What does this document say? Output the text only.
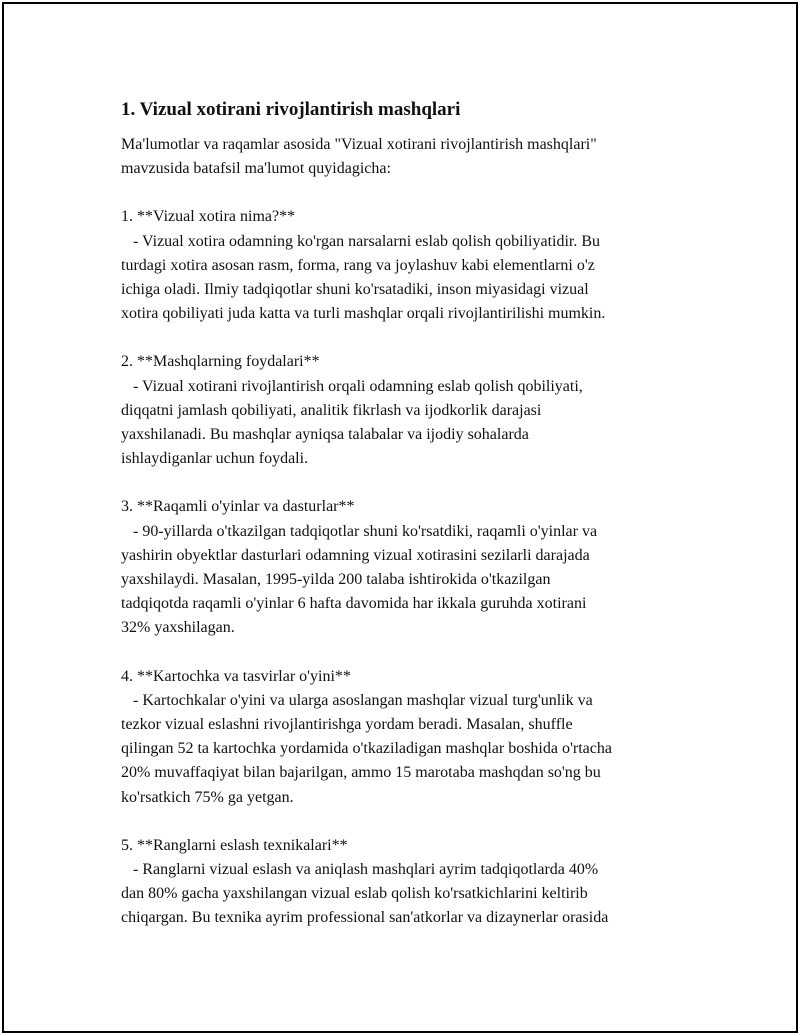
1. Vizual xotirani rivojlantirish mashqlari

Ma'lumotlar va raqamlar asosida "Vizual xotirani rivojlantirish mashqlari"

mavzusida batafsil ma'lumot quyidagicha:

1. **Vizual xotira nima?**

- Vizual xotira odamning ko'rgan narsalarni eslab qolish qobiliyatidir. Bu

turdagi xotira asosan rasm, forma, rang va joylashuv kabi elementlarni o'z

ichiga oladi. Ilmiy tadqiqotlar shuni ko'rsatadiki, inson miyasidagi vizual

xotira qobiliyati juda katta va turli mashqlar orqali rivojlantirilishi mumkin.

2. **Mashqlarning foydalari**

- Vizual xotirani rivojlantirish orqali odamning eslab qolish qobiliyati,

diqqatni jamlash qobiliyati, analitik fikrlash va ijodkorlik darajasi

yaxshilanadi. Bu mashqlar ayniqsa talabalar va ijodiy sohalarda

ishlaydiganlar uchun foydali.

3. **Raqamli o'yinlar va dasturlar**

- 90-yillarda o'tkazilgan tadqiqotlar shuni ko'rsatdiki, raqamli o'yinlar va

yashirin obyektlar dasturlari odamning vizual xotirasini sezilarli darajada

yaxshilaydi. Masalan, 1995-yilda 200 talaba ishtirokida o'tkazilgan

tadqiqotda raqamli o'yinlar 6 hafta davomida har ikkala guruhda xotirani

32% yaxshilagan.

4. **Kartochka va tasvirlar o'yini**

- Kartochkalar o'yini va ularga asoslangan mashqlar vizual turg'unlik va

tezkor vizual eslashni rivojlantirishga yordam beradi. Masalan, shuffle

qilingan 52 ta kartochka yordamida o'tkaziladigan mashqlar boshida o'rtacha

20% muvaffaqiyat bilan bajarilgan, ammo 15 marotaba mashqdan so'ng bu

ko'rsatkich 75% ga yetgan.

5. **Ranglarni eslash texnikalari**

- Ranglarni vizual eslash va aniqlash mashqlari ayrim tadqiqotlarda 40%

dan 80% gacha yaxshilangan vizual eslab qolish ko'rsatkichlarini keltirib

chiqargan. Bu texnika ayrim professional san'atkorlar va dizaynerlar orasida
